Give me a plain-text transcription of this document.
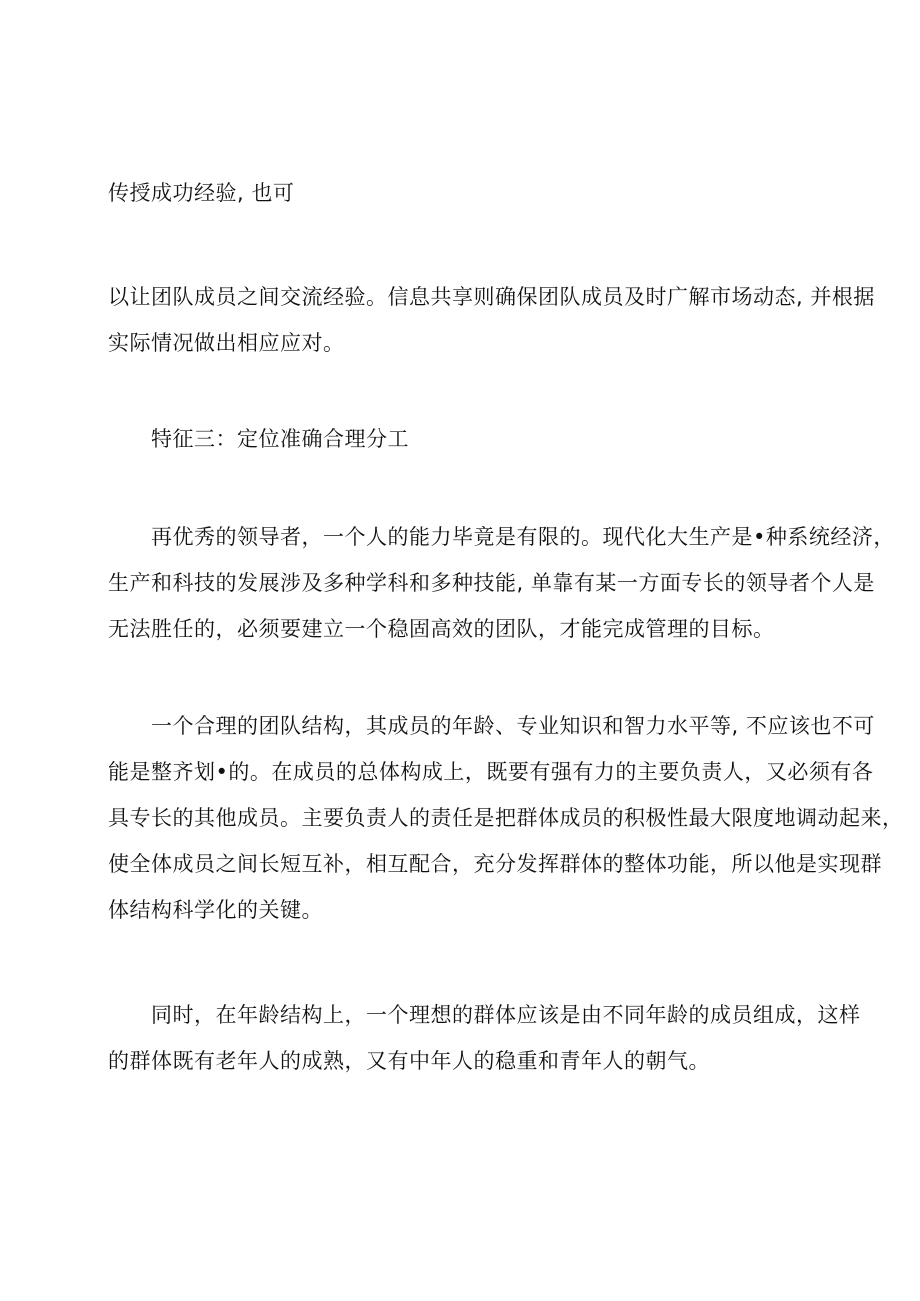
传授成功经验, 也可

以让团队成员之间交流经验。信息共享则确保团队成员及时广解市场动态, 并根据
实际情况做出相应应对。

特征三：定位准确合理分工

再优秀的领导者，一个人的能力毕竟是有限的。现代化大生产是•种系统经济，
生产和科技的发展涉及多种学科和多种技能, 单靠有某一方面专长的领导者个人是
无法胜任的，必须要建立一个稳固高效的团队，才能完成管理的目标。

一个合理的团队结构，其成员的年龄、专业知识和智力水平等, 不应该也不可
能是整齐划•的。在成员的总体构成上，既要有强有力的主要负责人，又必须有各
具专长的其他成员。主要负责人的责任是把群体成员的积极性最大限度地调动起来，
使全体成员之间长短互补，相互配合，充分发挥群体的整体功能，所以他是实现群
体结构科学化的关键。

同时，在年龄结构上，一个理想的群体应该是由不同年龄的成员组成，这样
的群体既有老年人的成熟，又有中年人的稳重和青年人的朝气。
